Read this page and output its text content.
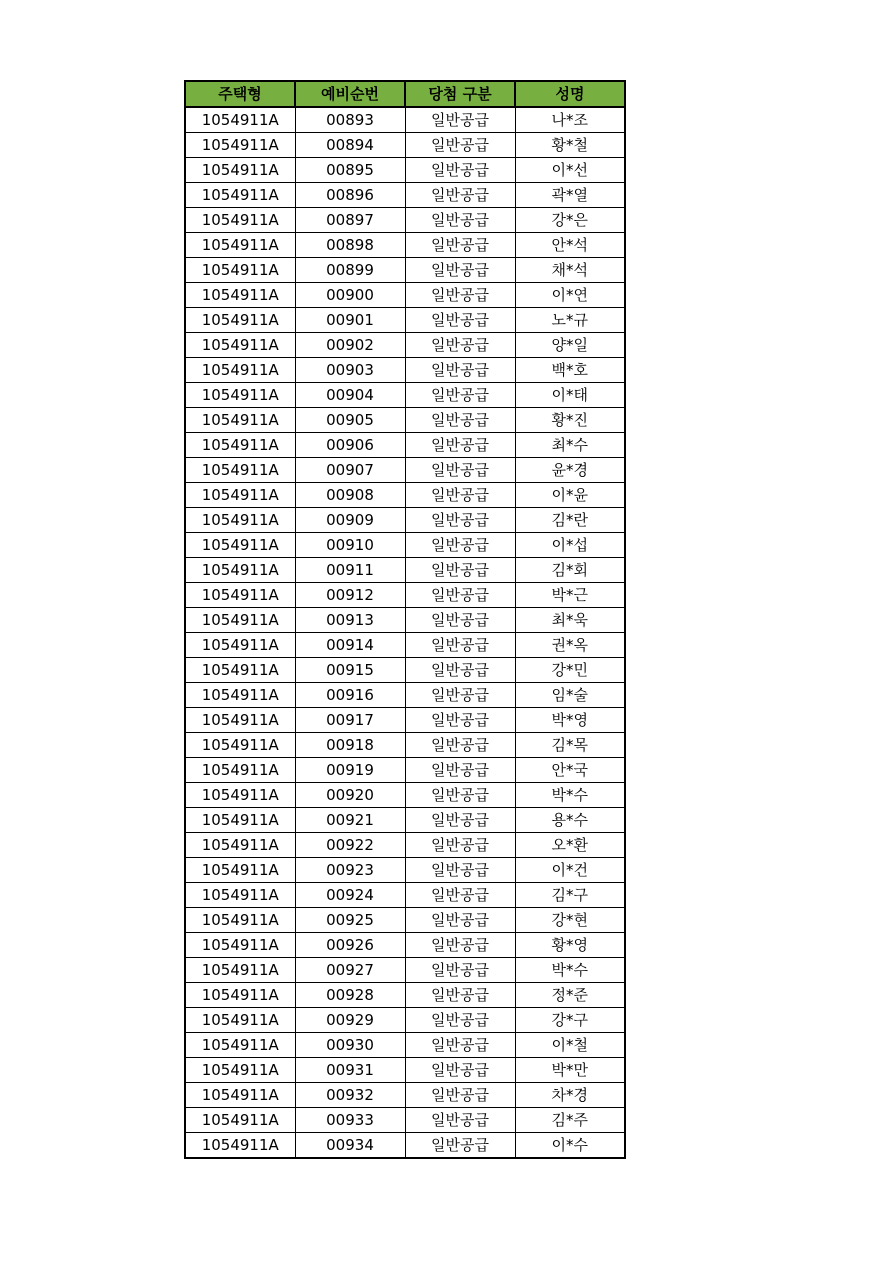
주택형	예비순번	당첨 구분	성명
1054911A	00893	일반공급	나*조
1054911A	00894	일반공급	황*철
1054911A	00895	일반공급	이*선
1054911A	00896	일반공급	곽*열
1054911A	00897	일반공급	강*은
1054911A	00898	일반공급	안*석
1054911A	00899	일반공급	채*석
1054911A	00900	일반공급	이*연
1054911A	00901	일반공급	노*규
1054911A	00902	일반공급	양*일
1054911A	00903	일반공급	백*호
1054911A	00904	일반공급	이*태
1054911A	00905	일반공급	황*진
1054911A	00906	일반공급	최*수
1054911A	00907	일반공급	윤*경
1054911A	00908	일반공급	이*윤
1054911A	00909	일반공급	김*란
1054911A	00910	일반공급	이*섭
1054911A	00911	일반공급	김*회
1054911A	00912	일반공급	박*근
1054911A	00913	일반공급	최*욱
1054911A	00914	일반공급	권*옥
1054911A	00915	일반공급	강*민
1054911A	00916	일반공급	임*술
1054911A	00917	일반공급	박*영
1054911A	00918	일반공급	김*목
1054911A	00919	일반공급	안*국
1054911A	00920	일반공급	박*수
1054911A	00921	일반공급	용*수
1054911A	00922	일반공급	오*환
1054911A	00923	일반공급	이*건
1054911A	00924	일반공급	김*구
1054911A	00925	일반공급	강*현
1054911A	00926	일반공급	황*영
1054911A	00927	일반공급	박*수
1054911A	00928	일반공급	정*준
1054911A	00929	일반공급	강*구
1054911A	00930	일반공급	이*철
1054911A	00931	일반공급	박*만
1054911A	00932	일반공급	차*경
1054911A	00933	일반공급	김*주
1054911A	00934	일반공급	이*수
